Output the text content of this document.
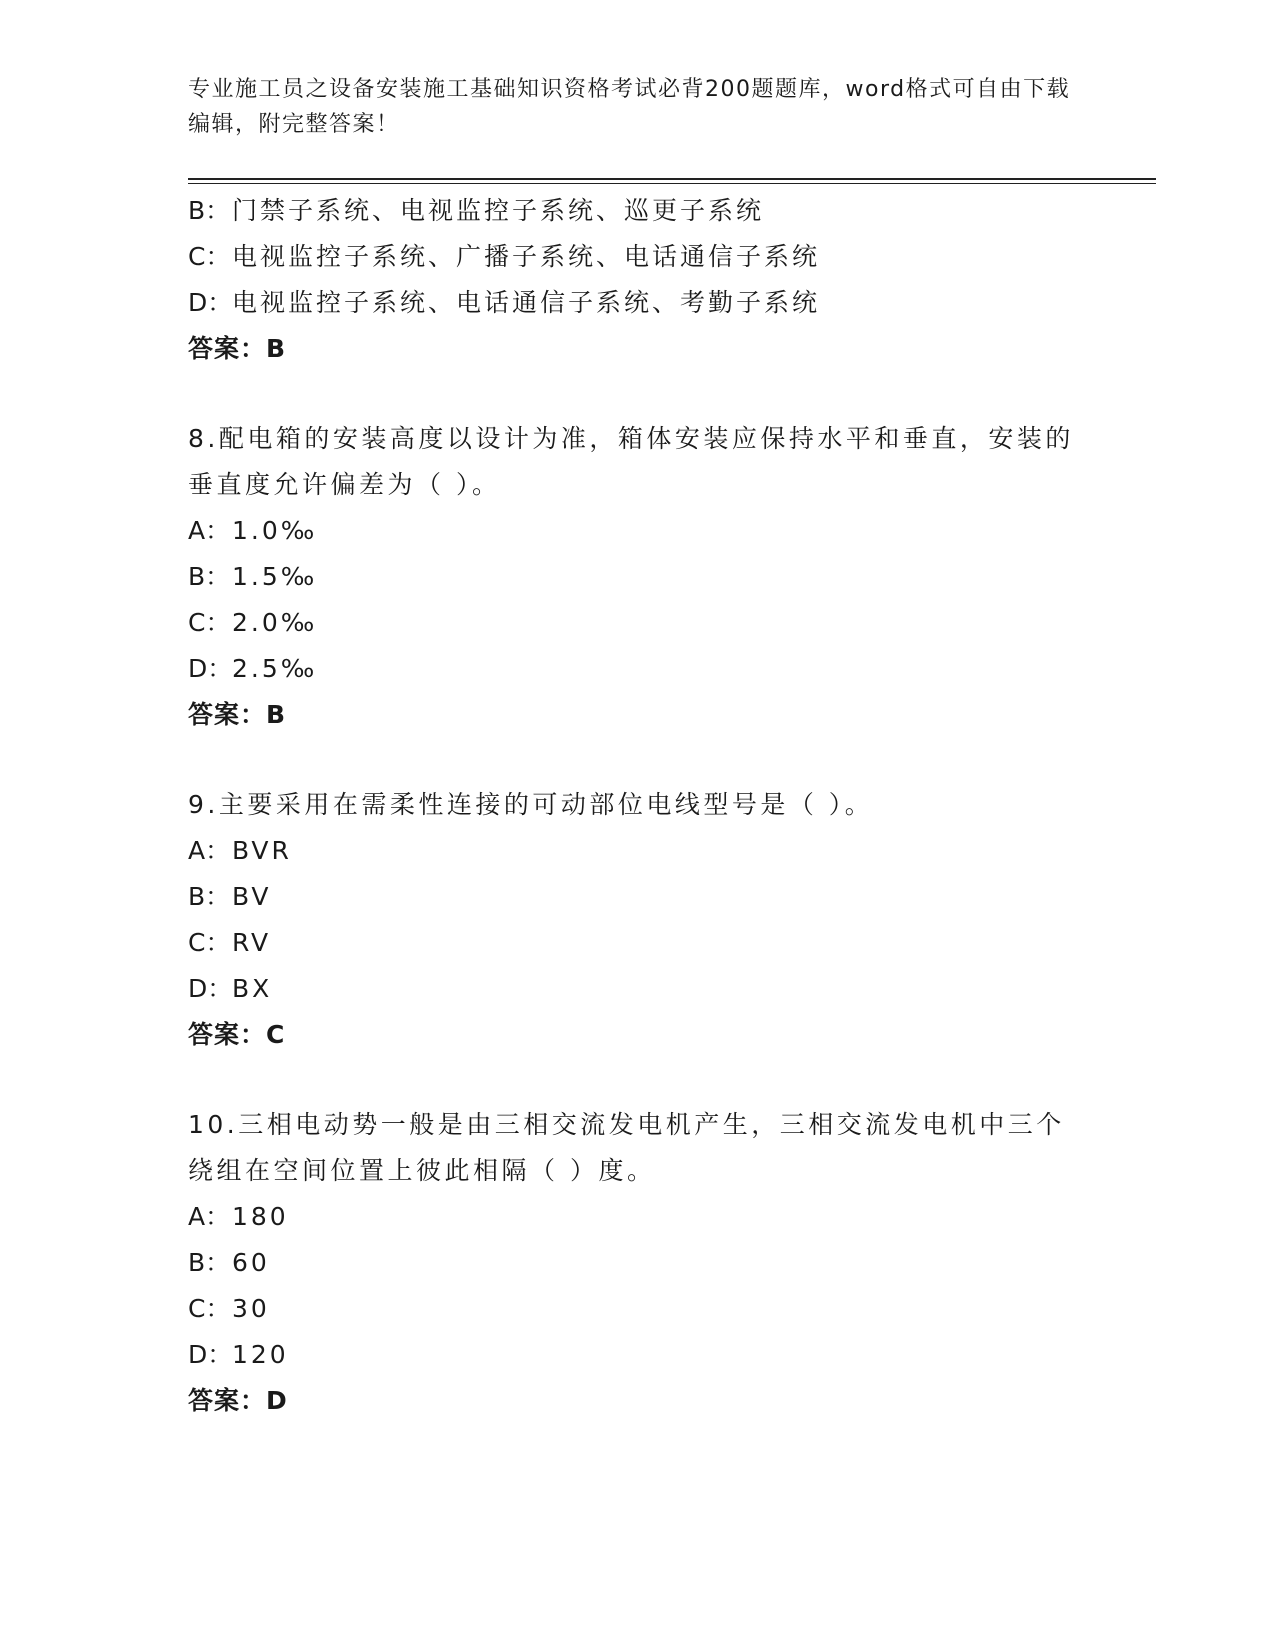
专业施工员之设备安装施工基础知识资格考试必背200题题库，word格式可自由下载编辑，附完整答案！
B：门禁子系统、电视监控子系统、巡更子系统
C：电视监控子系统、广播子系统、电话通信子系统
D：电视监控子系统、电话通信子系统、考勤子系统
答案：B
8.配电箱的安装高度以设计为准，箱体安装应保持水平和垂直，安装的垂直度允许偏差为（ ）。
A：1.0‰
B：1.5‰
C：2.0‰
D：2.5‰
答案：B
9.主要采用在需柔性连接的可动部位电线型号是（ ）。
A：BVR
B：BV
C：RV
D：BX
答案：C
10.三相电动势一般是由三相交流发电机产生，三相交流发电机中三个绕组在空间位置上彼此相隔（ ）度。
A：180
B：60
C：30
D：120
答案：D
